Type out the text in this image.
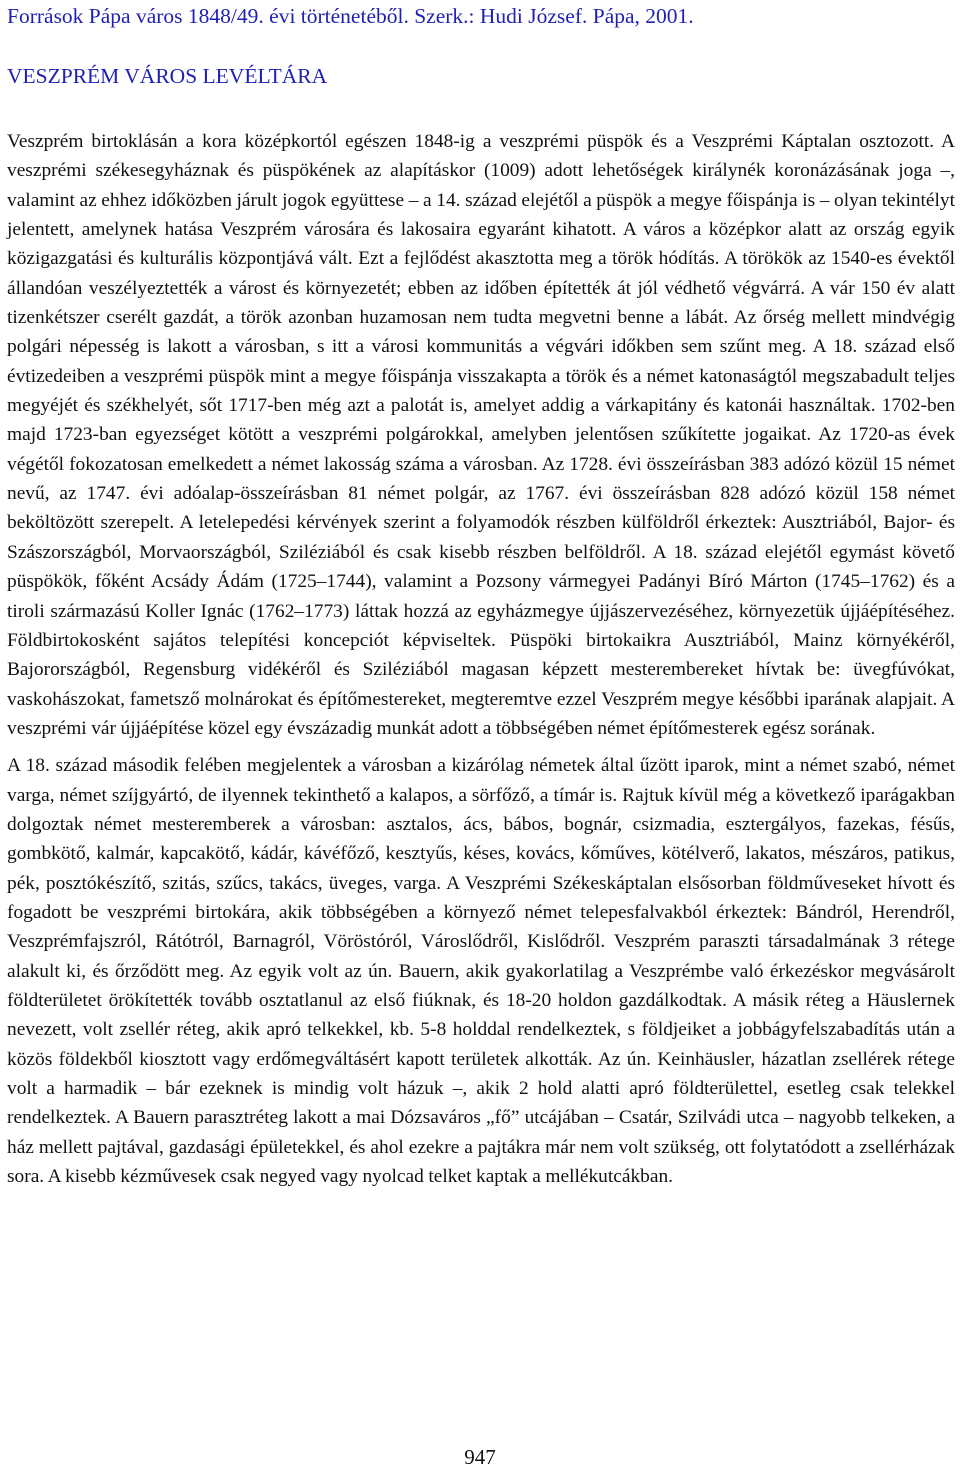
Források Pápa város 1848/49. évi történetéből. Szerk.: Hudi József. Pápa, 2001.
VESZPRÉM VÁROS LEVÉLTÁRA

Veszprém birtoklásán a kora középkortól egészen 1848-ig a veszprémi püspök és a Veszprémi Káptalan osztozott. A veszprémi székesegyháznak és püspökének az alapításkor (1009) adott lehetőségek királynék koronázásának joga –, valamint az ehhez időközben járult jogok együttese – a 14. század elejétől a püspök a megye főispánja is – olyan tekintélyt jelentett, amelynek hatása Veszprém városára és lakosaira egyaránt kihatott. A város a középkor alatt az ország egyik közigazgatási és kulturális központjává vált. Ezt a fejlődést akasztotta meg a török hódítás. A törökök az 1540-es évektől állandóan veszélyeztették a várost és környezetét; ebben az időben építették át jól védhető végvárrá. A vár 150 év alatt tizenkétszer cserélt gazdát, a török azonban huzamosan nem tudta megvetni benne a lábát. Az őrség mellett mindvégig polgári népesség is lakott a városban, s itt a városi kommunitás a végvári időkben sem szűnt meg. A 18. század első évtizedeiben a veszprémi püspök mint a megye főispánja visszakapta a török és a német katonaságtól megszabadult teljes megyéjét és székhelyét, sőt 1717-ben még azt a palotát is, amelyet addig a várkapitány és katonái használtak. 1702-ben majd 1723-ban egyezséget kötött a veszprémi polgárokkal, amelyben jelentősen szűkítette jogaikat. Az 1720-as évek végétől fokozatosan emelkedett a német lakosság száma a városban. Az 1728. évi összeírásban 383 adózó közül 15 német nevű, az 1747. évi adóalap-összeírásban 81 német polgár, az 1767. évi összeírásban 828 adózó közül 158 német beköltözött szerepelt. A letelepedési kérvények szerint a folyamodók részben külföldről érkeztek: Ausztriából, Bajor- és Szászországból, Morvaországból, Sziléziából és csak kisebb részben belföldről. A 18. század elejétől egymást követő püspökök, főként Acsády Ádám (1725–1744), valamint a Pozsony vármegyei Padányi Bíró Márton (1745–1762) és a tiroli származású Koller Ignác (1762–1773) láttak hozzá az egyházmegye újjászervezéséhez, környezetük újjáépítéséhez. Földbirtokosként sajátos telepítési koncepciót képviseltek. Püspöki birtokaikra Ausztriából, Mainz környékéről, Bajorországból, Regensburg vidékéről és Sziléziából magasan képzett mesterembereket hívtak be: üvegfúvókat, vaskohászokat, fametsző molnárokat és építőmestereket, megteremtve ezzel Veszprém megye későbbi iparának alapjait. A veszprémi vár újjáépítése közel egy évszázadig munkát adott a többségében német építőmesterek egész sorának.

A 18. század második felében megjelentek a városban a kizárólag németek által űzött iparok, mint a német szabó, német varga, német szíjgyártó, de ilyennek tekinthető a kalapos, a sörfőző, a tímár is. Rajtuk kívül még a következő iparágakban dolgoztak német mesteremberek a városban: asztalos, ács, bábos, bognár, csizmadia, esztergályos, fazekas, fésűs, gombkötő, kalmár, kapcakötő, kádár, kávéfőző, kesztyűs, késes, kovács, kőműves, kötélverő, lakatos, mészáros, patikus, pék, posztókészítő, szitás, szűcs, takács, üveges, varga. A Veszprémi Székeskáptalan elsősorban földműveseket hívott és fogadott be veszprémi birtokára, akik többségében a környező német telepesfalvakból érkeztek: Bándról, Herendről, Veszprémfajszról, Rátótról, Barnagról, Vöröstóról, Városlődről, Kislődről. Veszprém paraszti társadalmának 3 rétege alakult ki, és őrződött meg. Az egyik volt az ún. Bauern, akik gyakorlatilag a Veszprémbe való érkezéskor megvásárolt földterületet örökítették tovább osztatlanul az első fiúknak, és 18-20 holdon gazdálkodtak. A másik réteg a Häuslernek nevezett, volt zsellér réteg, akik apró telkekkel, kb. 5-8 holddal rendelkeztek, s földjeiket a jobbágyfelszabadítás után a közös földekből kiosztott vagy erdőmegváltásért kapott területek alkották. Az ún. Keinhäusler, házatlan zsellérek rétege volt a harmadik – bár ezeknek is mindig volt házuk –, akik 2 hold alatti apró földterülettel, esetleg csak telekkel rendelkeztek. A Bauern parasztréteg lakott a mai Dózsaváros „fő” utcájában – Csatár, Szilvádi utca – nagyobb telkeken, a ház mellett pajtával, gazdasági épületekkel, és ahol ezekre a pajtákra már nem volt szükség, ott folytatódott a zsellérházak sora. A kisebb kézművesek csak negyed vagy nyolcad telket kaptak a mellékutcákban.

947
